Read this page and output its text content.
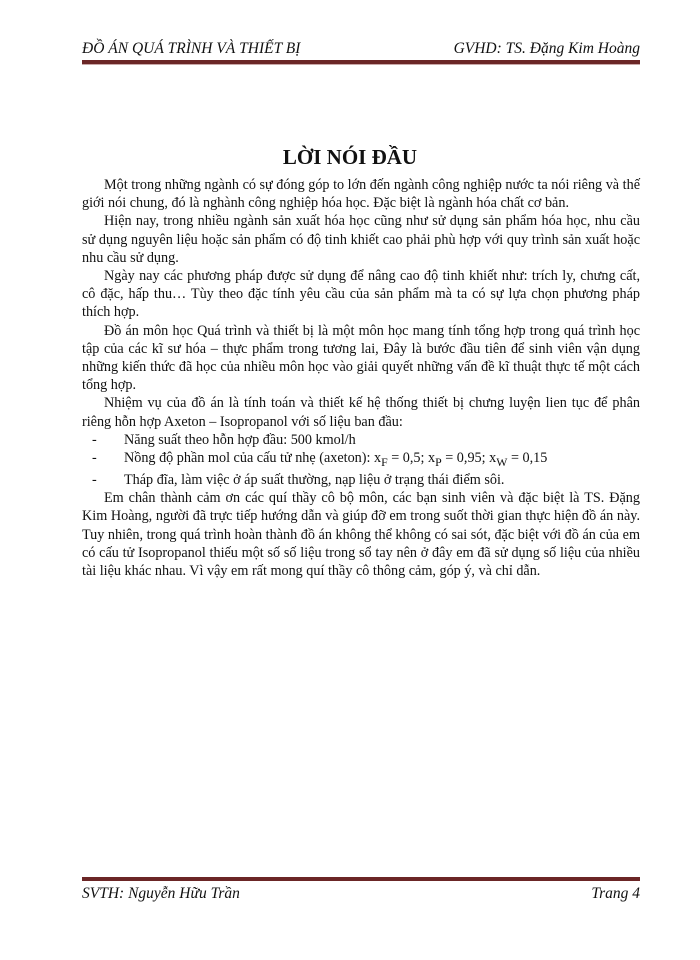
ĐỒ ÁN QUÁ TRÌNH VÀ THIẾT BỊ	GVHD: TS. Đặng Kim Hoàng
LỜI NÓI ĐẦU

Một trong những ngành có sự đóng góp to lớn đến ngành công nghiệp nước ta nói riêng và thế giới nói chung, đó là nghành công nghiệp hóa học. Đặc biệt là ngành hóa chất cơ bản.

Hiện nay, trong nhiều ngành sản xuất hóa học cũng như sử dụng sản phẩm hóa học, nhu cầu sử dụng nguyên liệu hoặc sản phẩm có độ tinh khiết cao phải phù hợp với quy trình sản xuất hoặc nhu cầu sử dụng.

Ngày nay các phương pháp được sử dụng để nâng cao độ tinh khiết như: trích ly, chưng cất, cô đặc, hấp thu… Tùy theo đặc tính yêu cầu của sản phẩm mà ta có sự lựa chọn phương pháp thích hợp.

Đồ án môn học Quá trình và thiết bị là một môn học mang tính tổng hợp trong quá trình học tập của các kĩ sư hóa – thực phẩm trong tương lai, Đây là bước đầu tiên để sinh viên vận dụng những kiến thức đã học của nhiều môn học vào giải quyết những vấn đề kĩ thuật thực tế một cách tổng hợp.

Nhiệm vụ của đồ án là tính toán và thiết kế hệ thống thiết bị chưng luyện lien tục để phân riêng hỗn hợp Axeton – Isopropanol với số liệu ban đầu:

- Năng suất theo hỗn hợp đầu: 500 kmol/h
- Nồng độ phần mol của cấu tử nhẹ (axeton): $x_F = 0,5$; $x_P = 0,95$; $x_W = 0,15$
- Tháp đĩa, làm việc ở áp suất thường, nạp liệu ở trạng thái điểm sôi.

Em chân thành cảm ơn các quí thầy cô bộ môn, các bạn sinh viên và đặc biệt là TS. Đặng Kim Hoàng, người đã trực tiếp hướng dẫn và giúp đỡ em trong suốt thời gian thực hiện đồ án này. Tuy nhiên, trong quá trình hoàn thành đồ án không thể không có sai sót, đặc biệt với đồ án của em có cấu tử Isopropanol thiếu một số số liệu trong sổ tay nên ở đây em đã sử dụng số liệu của nhiều tài liệu khác nhau. Vì vậy em rất mong quí thầy cô thông cảm, góp ý, và chỉ dẫn.

SVTH: Nguyễn Hữu Trần	Trang 4
